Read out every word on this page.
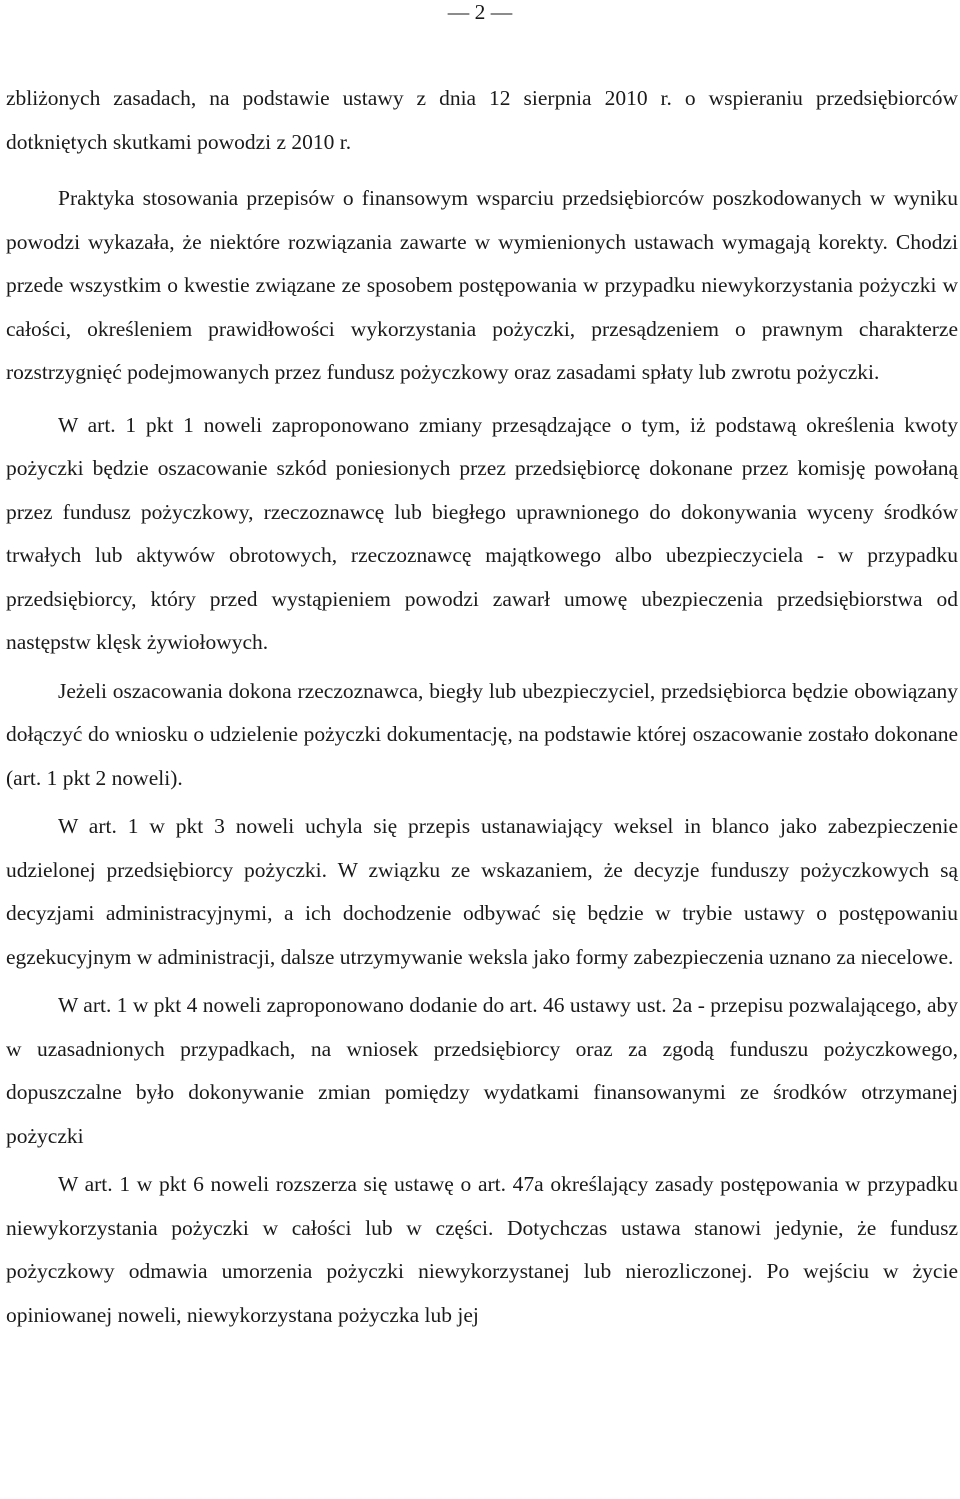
— 2 —

zbliżonych zasadach, na podstawie ustawy z dnia 12 sierpnia 2010 r. o wspieraniu przedsiębiorców dotkniętych skutkami powodzi z 2010 r.

Praktyka stosowania przepisów o finansowym wsparciu przedsiębiorców poszkodowanych w wyniku powodzi wykazała, że niektóre rozwiązania zawarte w wymienionych ustawach wymagają korekty. Chodzi przede wszystkim o kwestie związane ze sposobem postępowania w przypadku niewykorzystania pożyczki w całości, określeniem prawidłowości wykorzystania pożyczki, przesądzeniem o prawnym charakterze rozstrzygnięć podejmowanych przez fundusz pożyczkowy oraz zasadami spłaty lub zwrotu pożyczki.

W art. 1 pkt 1 noweli zaproponowano zmiany przesądzające o tym, iż podstawą określenia kwoty pożyczki będzie oszacowanie szkód poniesionych przez przedsiębiorcę dokonane przez komisję powołaną przez fundusz pożyczkowy, rzeczoznawcę lub biegłego uprawnionego do dokonywania wyceny środków trwałych lub aktywów obrotowych, rzeczoznawcę majątkowego albo ubezpieczyciela - w przypadku przedsiębiorcy, który przed wystąpieniem powodzi zawarł umowę ubezpieczenia przedsiębiorstwa od następstw klęsk żywiołowych.

Jeżeli oszacowania dokona rzeczoznawca, biegły lub ubezpieczyciel, przedsiębiorca będzie obowiązany dołączyć do wniosku o udzielenie pożyczki dokumentację, na podstawie której oszacowanie zostało dokonane (art. 1 pkt 2 noweli).

W art. 1 w pkt 3 noweli uchyla się przepis ustanawiający weksel in blanco jako zabezpieczenie udzielonej przedsiębiorcy pożyczki. W związku ze wskazaniem, że decyzje funduszy pożyczkowych są decyzjami administracyjnymi, a ich dochodzenie odbywać się będzie w trybie ustawy o postępowaniu egzekucyjnym w administracji, dalsze utrzymywanie weksla jako formy zabezpieczenia uznano za niecelowe.

W art. 1 w pkt 4 noweli zaproponowano dodanie do art. 46 ustawy ust. 2a - przepisu pozwalającego, aby w uzasadnionych przypadkach, na wniosek przedsiębiorcy oraz za zgodą funduszu pożyczkowego, dopuszczalne było dokonywanie zmian pomiędzy wydatkami finansowanymi ze środków otrzymanej pożyczki

W art. 1 w pkt 6 noweli rozszerza się ustawę o art. 47a określający zasady postępowania w przypadku niewykorzystania pożyczki w całości lub w części. Dotychczas ustawa stanowi jedynie, że fundusz pożyczkowy odmawia umorzenia pożyczki niewykorzystanej lub nierozliczonej. Po wejściu w życie opiniowanej noweli, niewykorzystana pożyczka lub jej
